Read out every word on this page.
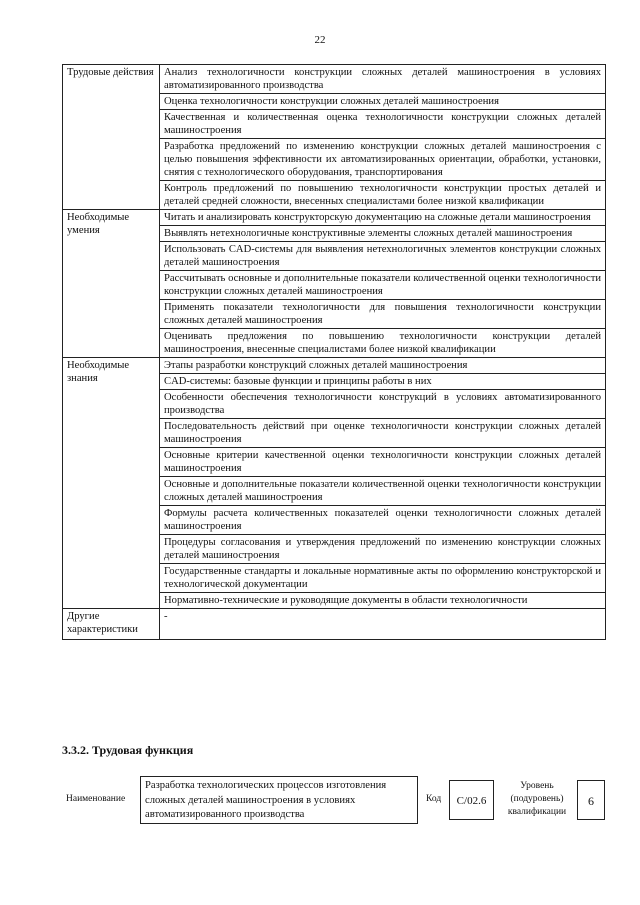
22
Трудовые действия	Анализ технологичности конструкции сложных деталей машиностроения в условиях автоматизированного производства
	Оценка технологичности конструкции сложных деталей машиностроения
	Качественная и количественная оценка технологичности конструкции сложных деталей машиностроения
	Разработка предложений по изменению конструкции сложных деталей машиностроения с целью повышения эффективности их автоматизированных ориентации, обработки, установки, снятия с технологического оборудования, транспортирования
	Контроль предложений по повышению технологичности конструкции простых деталей и деталей средней сложности, внесенных специалистами более низкой квалификации
Необходимые умения	Читать и анализировать конструкторскую документацию на сложные детали машиностроения
	Выявлять нетехнологичные конструктивные элементы сложных деталей машиностроения
	Использовать CAD-системы для выявления нетехнологичных элементов конструкции сложных деталей машиностроения
	Рассчитывать основные и дополнительные показатели количественной оценки технологичности конструкции сложных деталей машиностроения
	Применять показатели технологичности для повышения технологичности конструкции сложных деталей машиностроения
	Оценивать предложения по повышению технологичности конструкции деталей машиностроения, внесенные специалистами более низкой квалификации
Необходимые знания	Этапы разработки конструкций сложных деталей машиностроения
	CAD-системы: базовые функции и принципы работы в них
	Особенности обеспечения технологичности конструкций в условиях автоматизированного производства
	Последовательность действий при оценке технологичности конструкции сложных деталей машиностроения
	Основные критерии качественной оценки технологичности конструкции сложных деталей машиностроения
	Основные и дополнительные показатели количественной оценки технологичности конструкции сложных деталей машиностроения
	Формулы расчета количественных показателей оценки технологичности сложных деталей машиностроения
	Процедуры согласования и утверждения предложений по изменению конструкции сложных деталей машиностроения
	Государственные стандарты и локальные нормативные акты по оформлению конструкторской и технологической документации
	Нормативно-технические и руководящие документы в области технологичности
Другие характеристики	-
3.3.2. Трудовая функция
Наименование
Разработка технологических процессов изготовления сложных деталей машиностроения в условиях автоматизированного производства
Код	C/02.6
Уровень (подуровень) квалификации
6
